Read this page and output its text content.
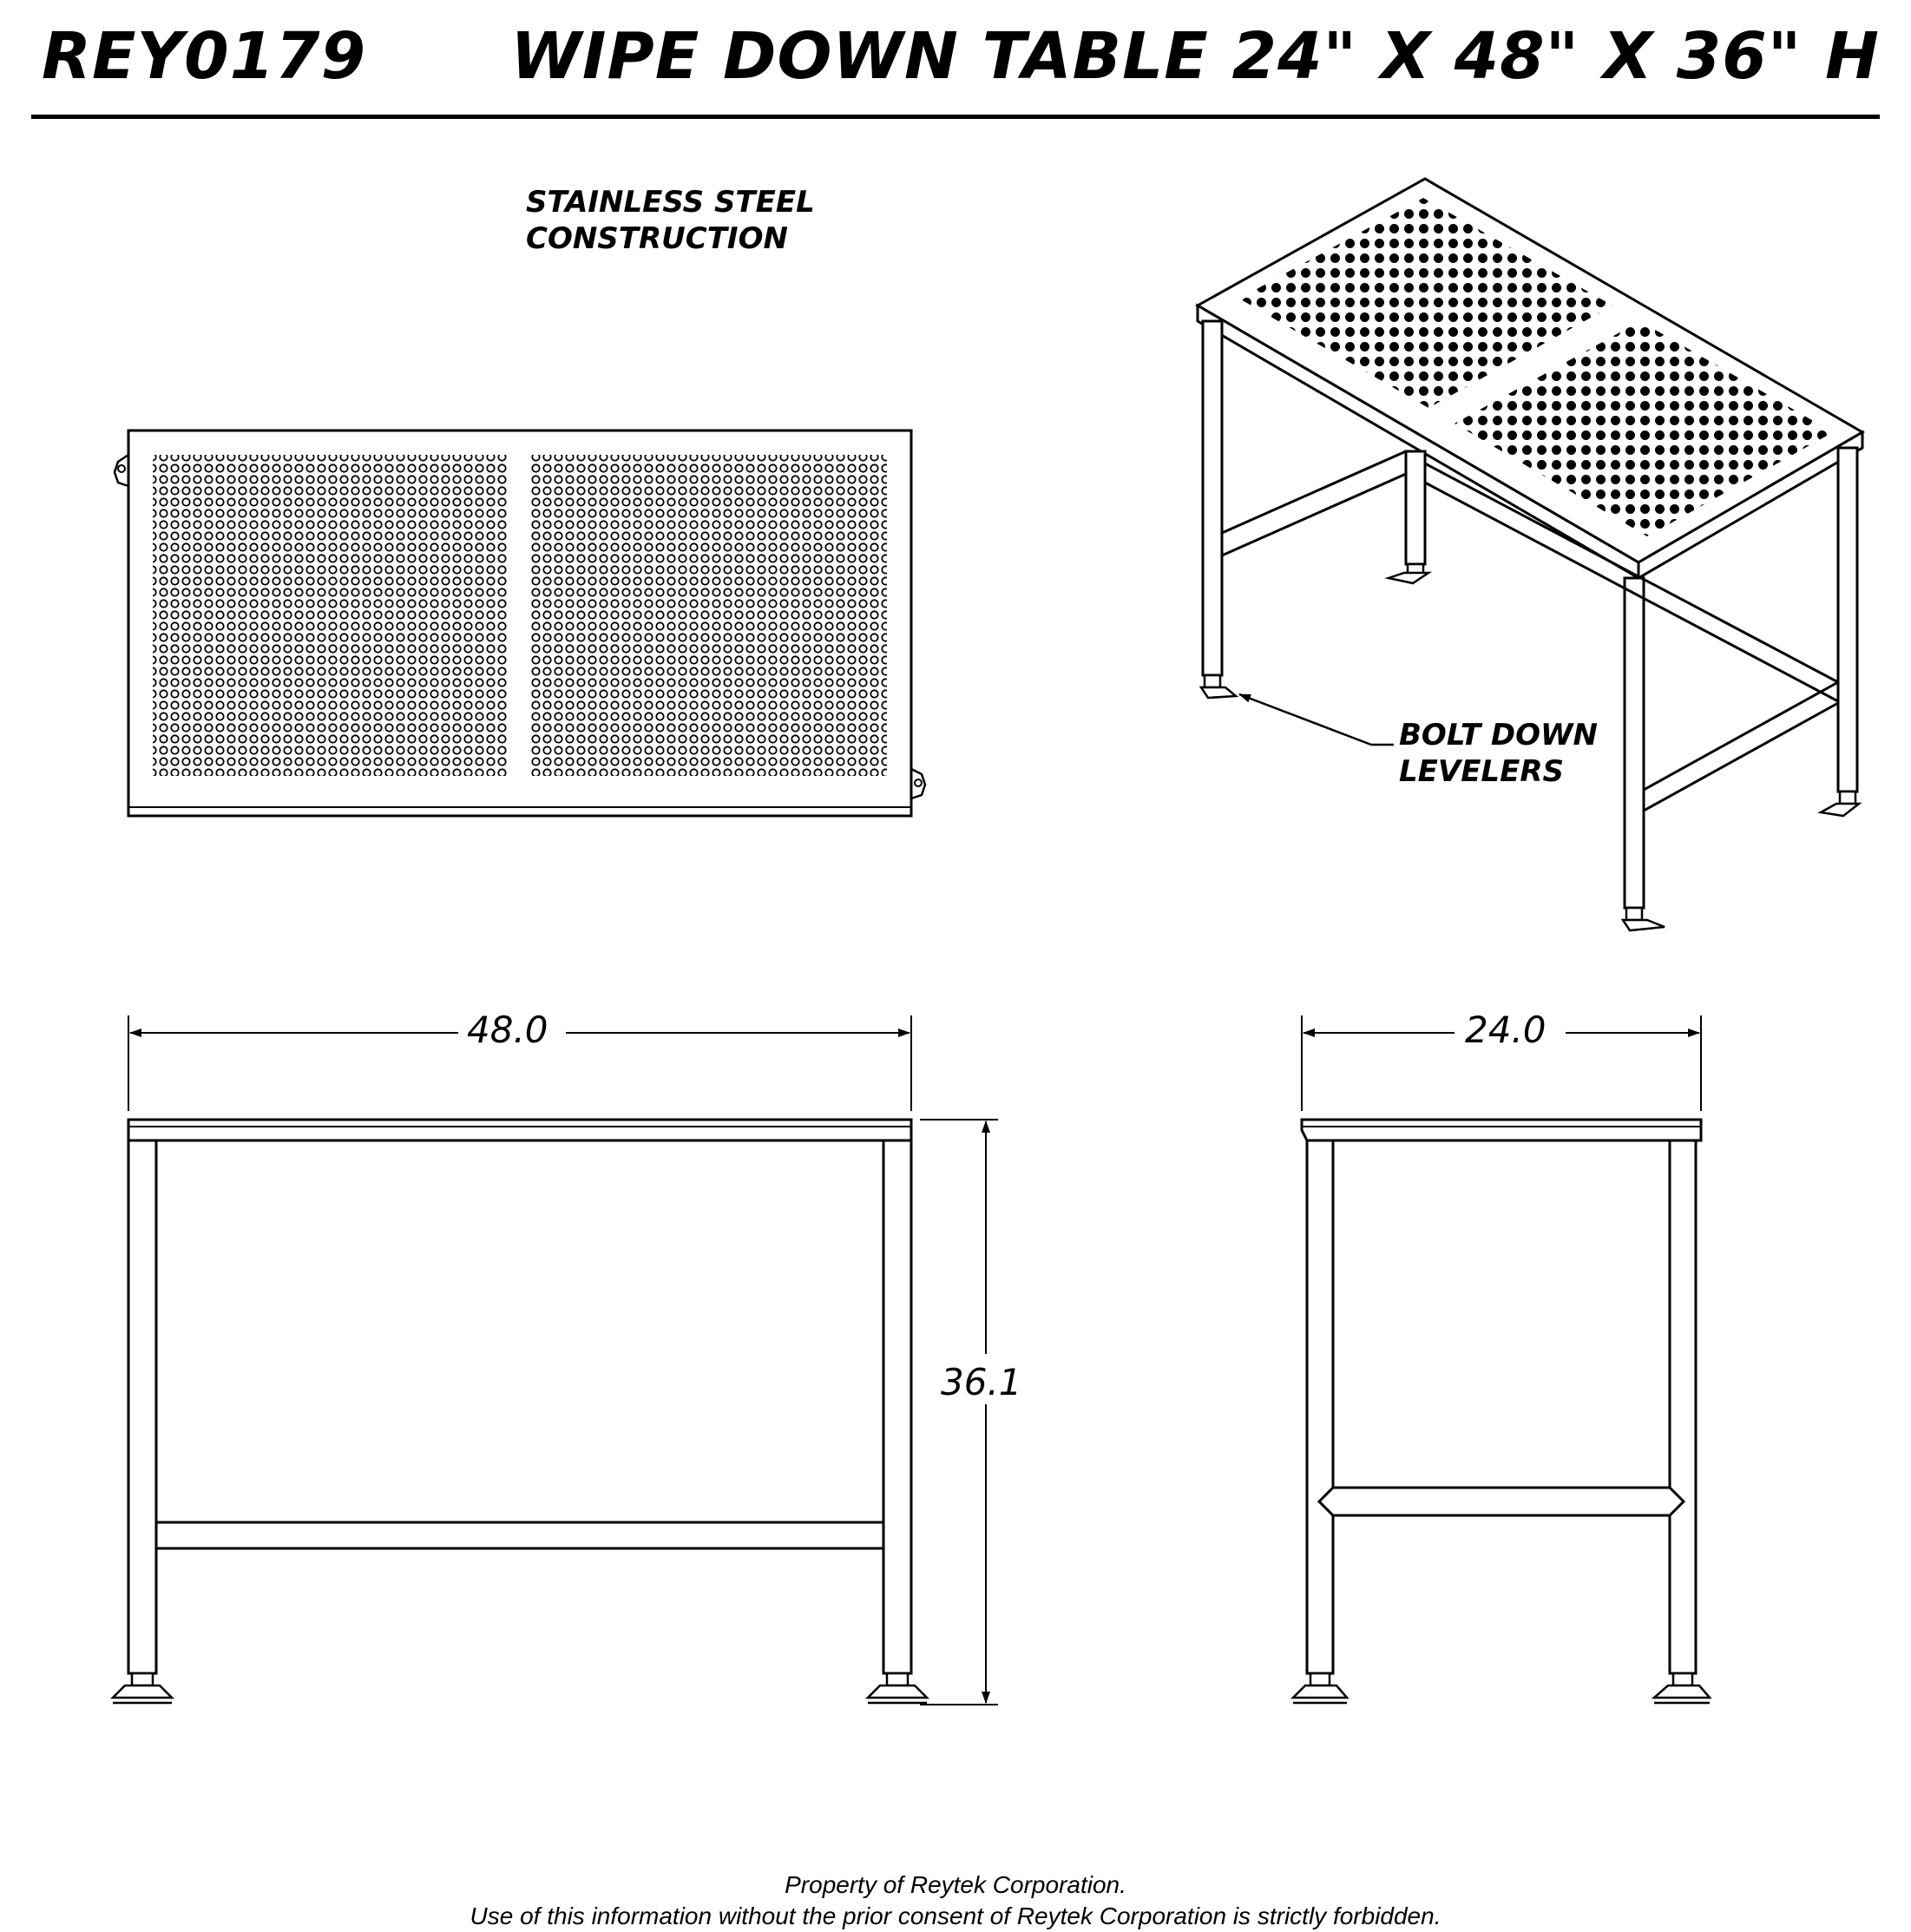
REY0179 WIPE DOWN TABLE 24" X 48" X 36" H
STAINLESS STEEL
CONSTRUCTION
BOLT DOWN
LEVELERS
48.0	24.0
36.1
Property of Reytek Corporation.
Use of this information without the prior consent of Reytek Corporation is strictly forbidden.
